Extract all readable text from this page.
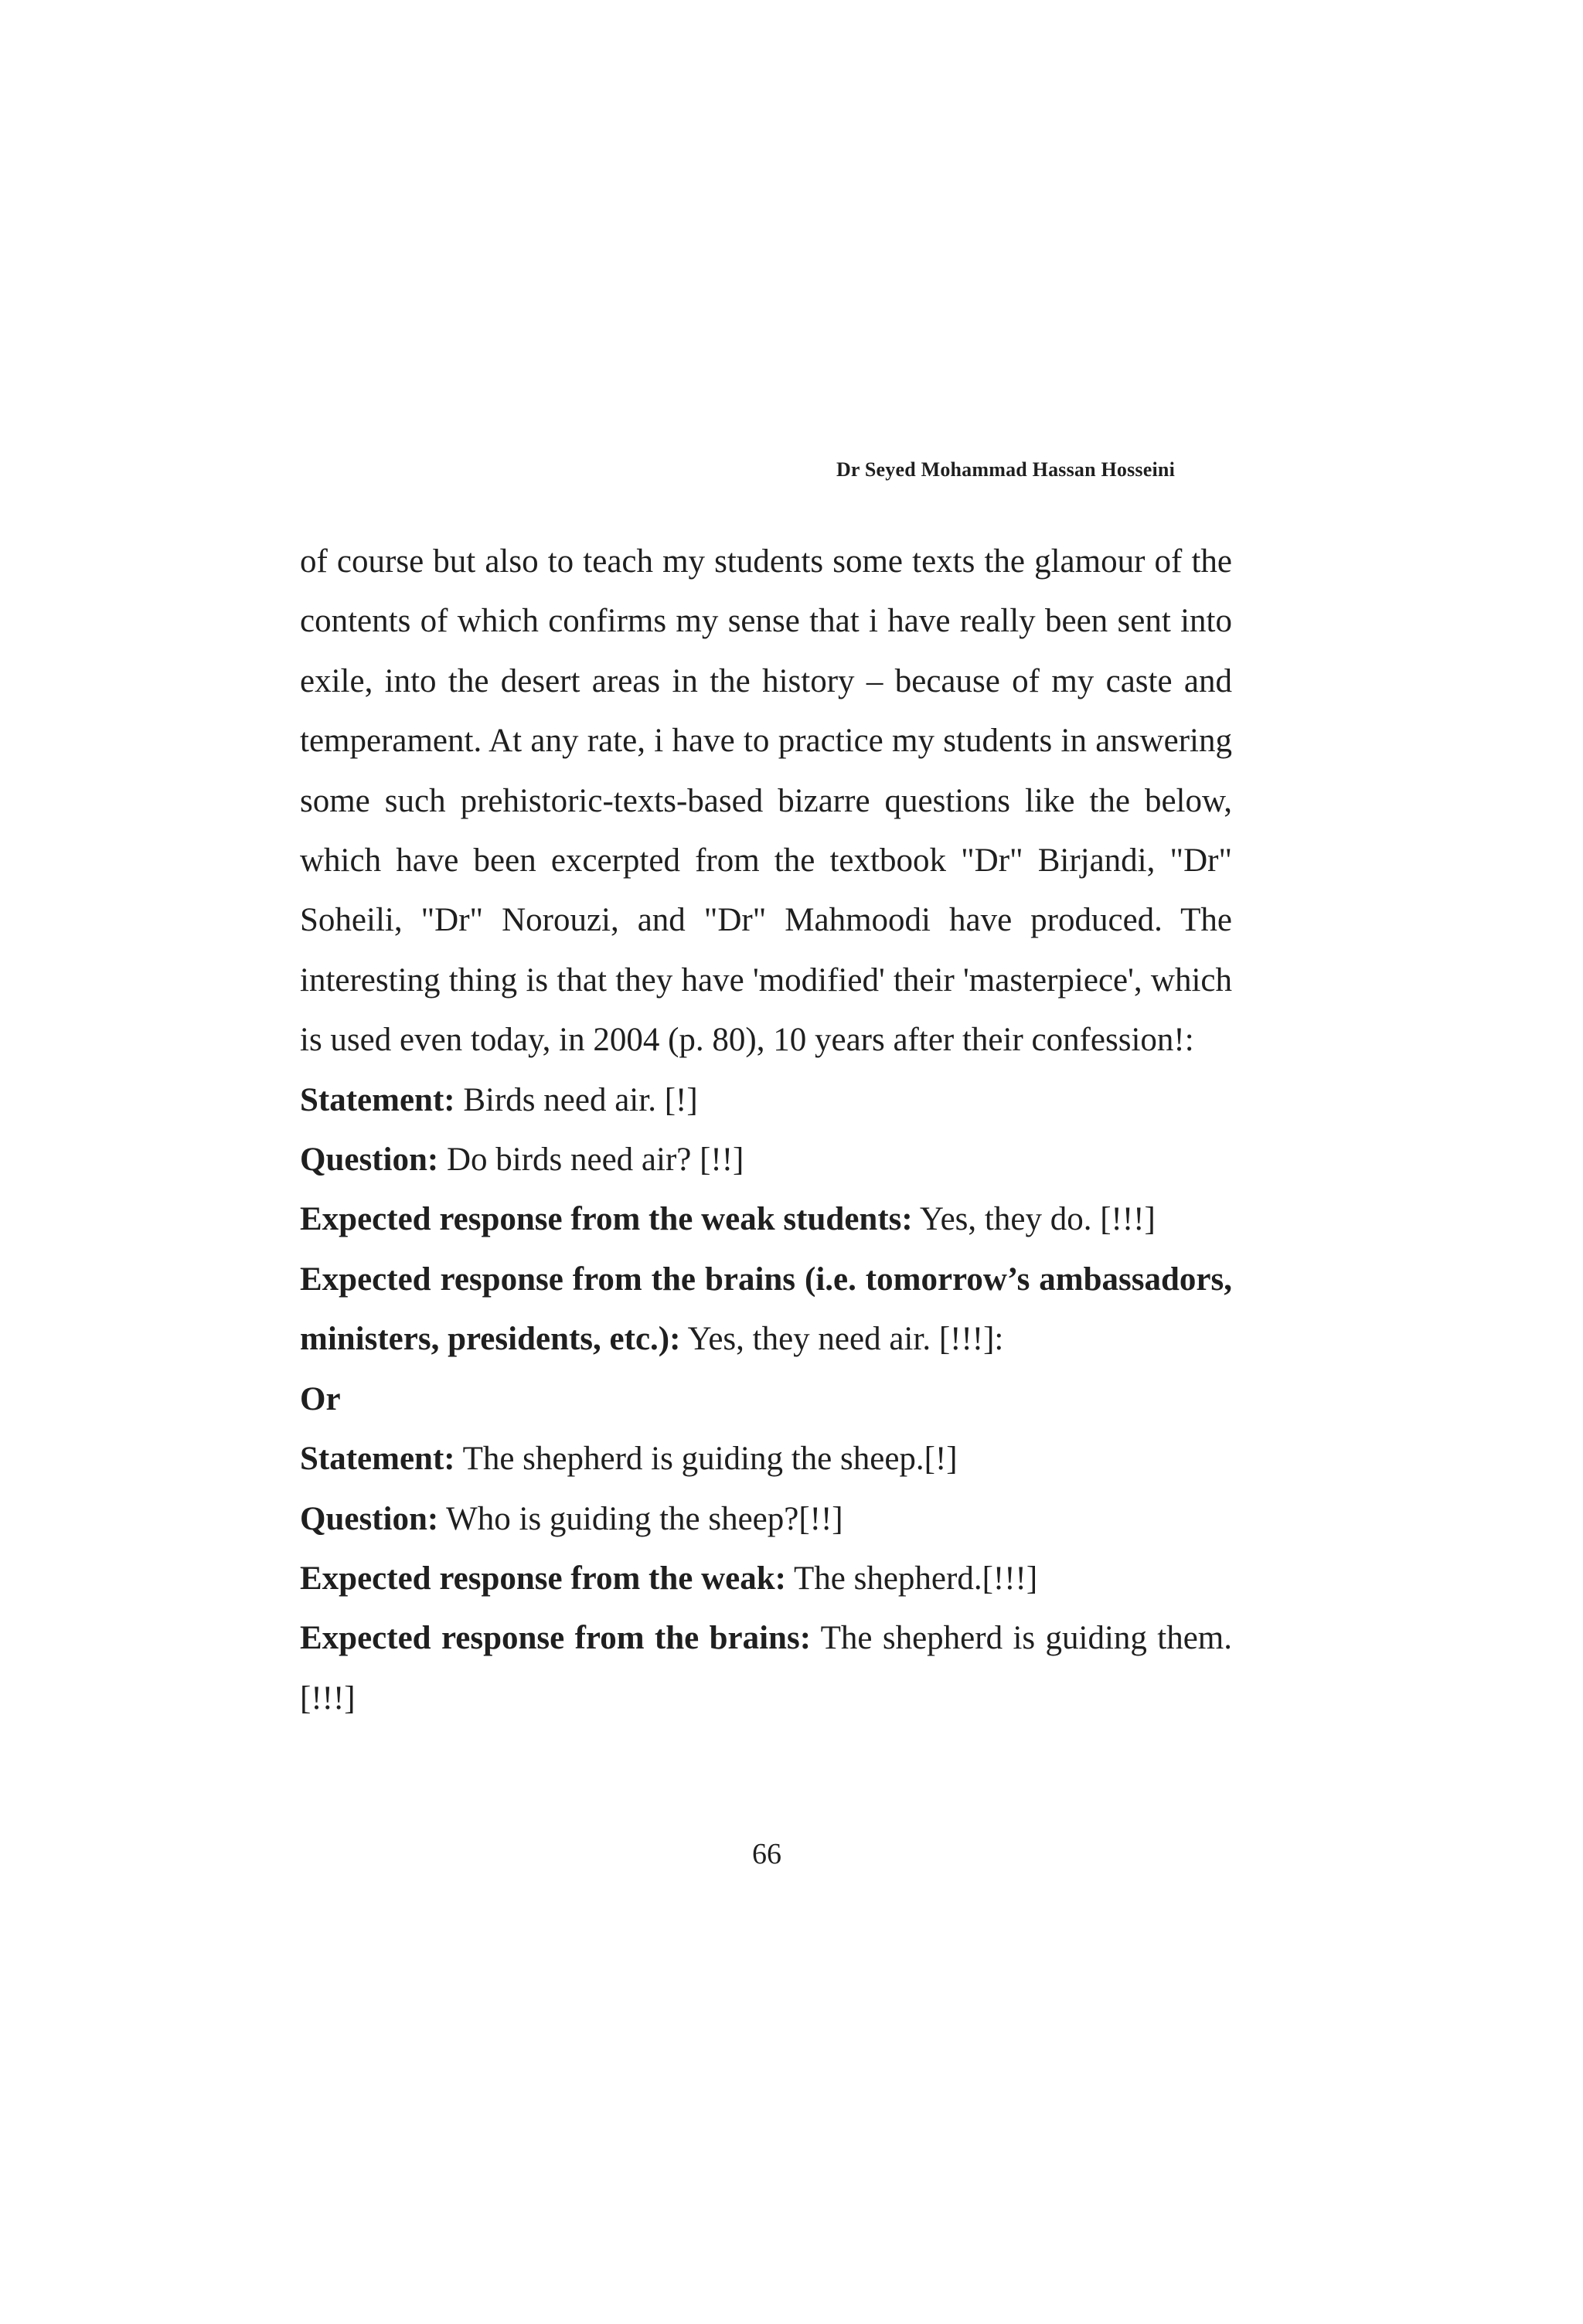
Dr Seyed Mohammad Hassan Hosseini

of course but also to teach my students some texts the glamour of the contents of which confirms my sense that i have really been sent into exile, into the desert areas in the history – because of my caste and temperament. At any rate, i have to practice my students in answering some such prehistoric-texts-based bizarre questions like the below, which have been excerpted from the textbook "Dr" Birjandi, "Dr" Soheili, "Dr" Norouzi, and "Dr" Mahmoodi have produced. The interesting thing is that they have 'modified' their 'masterpiece', which is used even today, in 2004 (p. 80), 10 years after their confession!:

Statement: Birds need air. [!]

Question: Do birds need air? [!!]

Expected response from the weak students: Yes, they do. [!!!]

Expected response from the brains (i.e. tomorrow’s ambassadors, ministers, presidents, etc.): Yes, they need air. [!!!]:

Or

Statement: The shepherd is guiding the sheep.[!]

Question: Who is guiding the sheep?[!!]

Expected response from the weak: The shepherd.[!!!]

Expected response from the brains: The shepherd is guiding them.[!!!]

66
